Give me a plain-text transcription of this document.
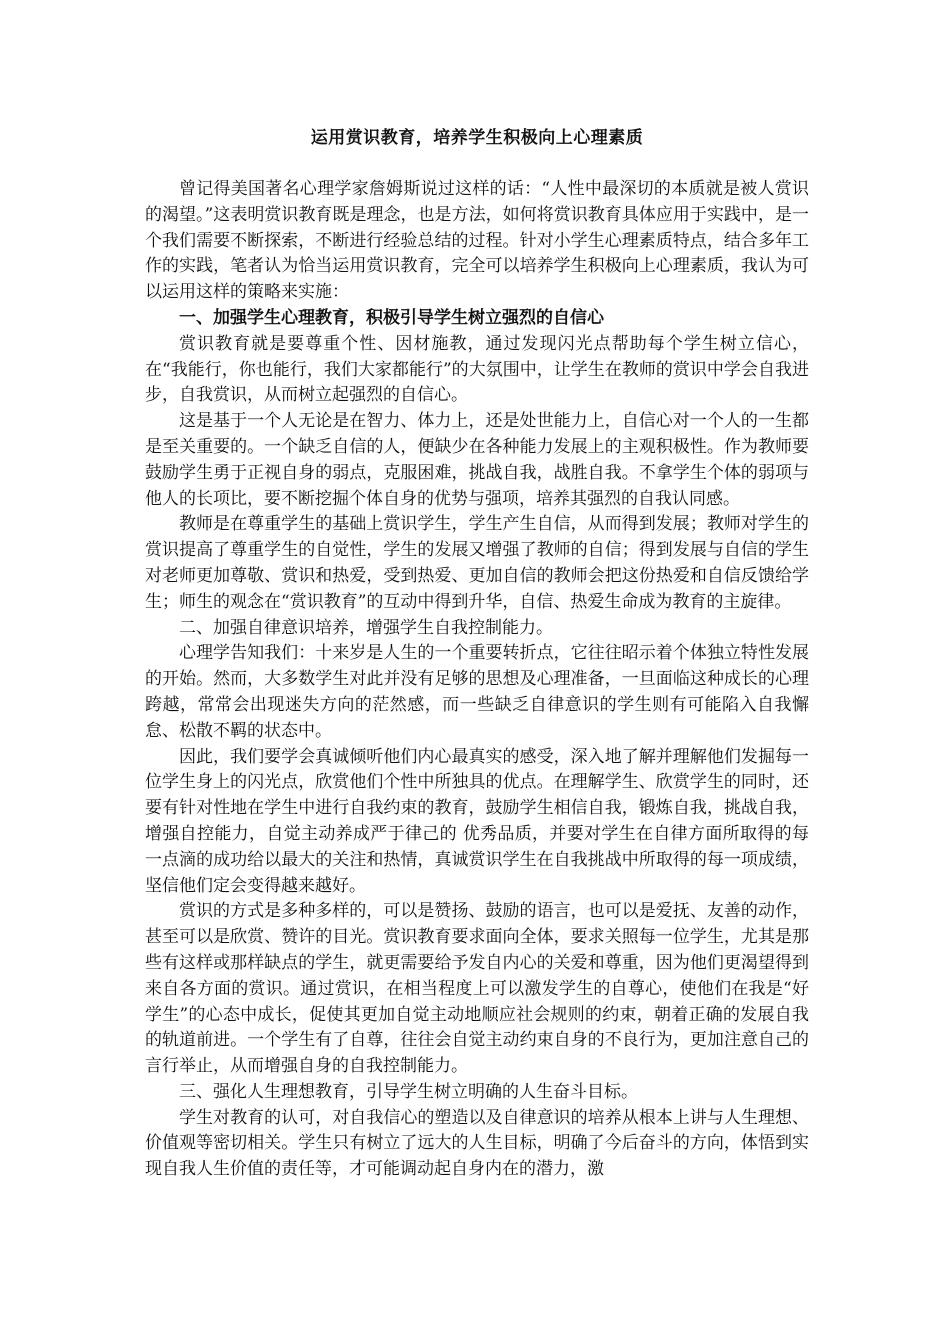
运用赏识教育，培养学生积极向上心理素质

曾记得美国著名心理学家詹姆斯说过这样的话：“人性中最深切的本质就是被人赏识的渴望。”这表明赏识教育既是理念，也是方法，如何将赏识教育具体应用于实践中，是一个我们需要不断探索，不断进行经验总结的过程。针对小学生心理素质特点，结合多年工作的实践，笔者认为恰当运用赏识教育，完全可以培养学生积极向上心理素质，我认为可以运用这样的策略来实施：

一、加强学生心理教育，积极引导学生树立强烈的自信心

赏识教育就是要尊重个性、因材施教，通过发现闪光点帮助每个学生树立信心，在“我能行，你也能行，我们大家都能行”的大氛围中，让学生在教师的赏识中学会自我进步，自我赏识，从而树立起强烈的自信心。

这是基于一个人无论是在智力、体力上，还是处世能力上，自信心对一个人的一生都是至关重要的。一个缺乏自信的人，便缺少在各种能力发展上的主观积极性。作为教师要鼓励学生勇于正视自身的弱点，克服困难，挑战自我，战胜自我。不拿学生个体的弱项与他人的长项比，要不断挖掘个体自身的优势与强项，培养其强烈的自我认同感。

教师是在尊重学生的基础上赏识学生，学生产生自信，从而得到发展；教师对学生的赏识提高了尊重学生的自觉性，学生的发展又增强了教师的自信；得到发展与自信的学生对老师更加尊敬、赏识和热爱，受到热爱、更加自信的教师会把这份热爱和自信反馈给学生；师生的观念在“赏识教育”的互动中得到升华，自信、热爱生命成为教育的主旋律。

二、加强自律意识培养，增强学生自我控制能力。

心理学告知我们：十来岁是人生的一个重要转折点，它往往昭示着个体独立特性发展的开始。然而，大多数学生对此并没有足够的思想及心理准备，一旦面临这种成长的心理跨越，常常会出现迷失方向的茫然感，而一些缺乏自律意识的学生则有可能陷入自我懈怠、松散不羁的状态中。

因此，我们要学会真诚倾听他们内心最真实的感受，深入地了解并理解他们发掘每一位学生身上的闪光点，欣赏他们个性中所独具的优点。在理解学生、欣赏学生的同时，还要有针对性地在学生中进行自我约束的教育，鼓励学生相信自我，锻炼自我，挑战自我，增强自控能力，自觉主动养成严于律己的 优秀品质，并要对学生在自律方面所取得的每一点滴的成功给以最大的关注和热情，真诚赏识学生在自我挑战中所取得的每一项成绩，坚信他们定会变得越来越好。

赏识的方式是多种多样的，可以是赞扬、鼓励的语言，也可以是爱抚、友善的动作，甚至可以是欣赏、赞许的目光。赏识教育要求面向全体，要求关照每一位学生，尤其是那些有这样或那样缺点的学生，就更需要给予发自内心的关爱和尊重，因为他们更渴望得到来自各方面的赏识。通过赏识，在相当程度上可以激发学生的自尊心，使他们在我是“好学生”的心态中成长，促使其更加自觉主动地顺应社会规则的约束，朝着正确的发展自我的轨道前进。一个学生有了自尊，往往会自觉主动约束自身的不良行为，更加注意自己的言行举止，从而增强自身的自我控制能力。

三、强化人生理想教育，引导学生树立明确的人生奋斗目标。

学生对教育的认可，对自我信心的塑造以及自律意识的培养从根本上讲与人生理想、价值观等密切相关。学生只有树立了远大的人生目标，明确了今后奋斗的方向，体悟到实现自我人生价值的责任等，才可能调动起自身内在的潜力，激
